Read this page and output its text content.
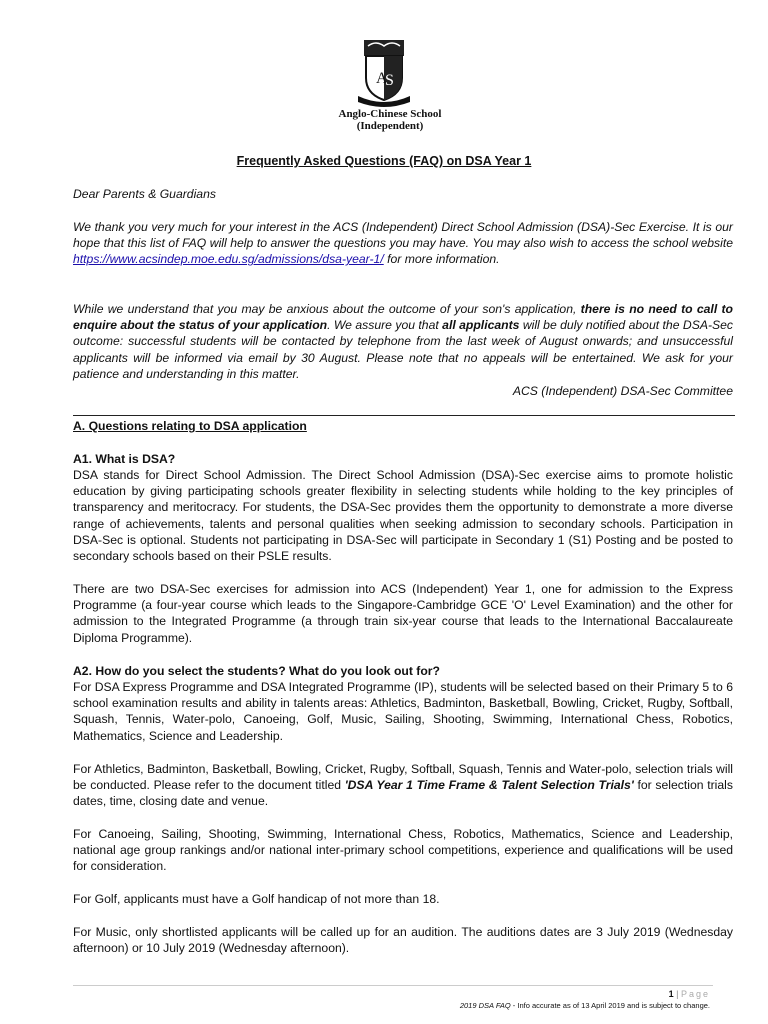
A
S
Anglo-Chinese School
(Independent)
Frequently Asked Questions (FAQ) on DSA Year 1
Dear Parents & Guardians
We thank you very much for your interest in the ACS (Independent) Direct School Admission (DSA)-Sec Exercise. It is our hope that this list of FAQ will help to answer the questions you may have. You may also wish to access the school website https://www.acsindep.moe.edu.sg/admissions/dsa-year-1/ for more information.
While we understand that you may be anxious about the outcome of your son's application, there is no need to call to enquire about the status of your application. We assure you that all applicants will be duly notified about the DSA-Sec outcome: successful students will be contacted by telephone from the last week of August onwards; and unsuccessful applicants will be informed via email by 30 August. Please note that no appeals will be entertained. We ask for your patience and understanding in this matter.
ACS (Independent) DSA-Sec Committee
A. Questions relating to DSA application
A1. What is DSA?
DSA stands for Direct School Admission. The Direct School Admission (DSA)-Sec exercise aims to promote holistic education by giving participating schools greater flexibility in selecting students while holding to the key principles of transparency and meritocracy. For students, the DSA-Sec provides them the opportunity to demonstrate a more diverse range of achievements, talents and personal qualities when seeking admission to secondary schools. Participation in DSA-Sec is optional. Students not participating in DSA-Sec will participate in Secondary 1 (S1) Posting and be posted to secondary schools based on their PSLE results.
There are two DSA-Sec exercises for admission into ACS (Independent) Year 1, one for admission to the Express Programme (a four-year course which leads to the Singapore-Cambridge GCE 'O' Level Examination) and the other for admission to the Integrated Programme (a through train six-year course that leads to the International Baccalaureate Diploma Programme).
A2. How do you select the students? What do you look out for?
For DSA Express Programme and DSA Integrated Programme (IP), students will be selected based on their Primary 5 to 6 school examination results and ability in talents areas: Athletics, Badminton, Basketball, Bowling, Cricket, Rugby, Softball, Squash, Tennis, Water-polo, Canoeing, Golf, Music, Sailing, Shooting, Swimming, International Chess, Robotics, Mathematics, Science and Leadership.
For Athletics, Badminton, Basketball, Bowling, Cricket, Rugby, Softball, Squash, Tennis and Water-polo, selection trials will be conducted. Please refer to the document titled 'DSA Year 1 Time Frame & Talent Selection Trials' for selection trials dates, time, closing date and venue.
For Canoeing, Sailing, Shooting, Swimming, International Chess, Robotics, Mathematics, Science and Leadership, national age group rankings and/or national inter-primary school competitions, experience and qualifications will be used for consideration.
For Golf, applicants must have a Golf handicap of not more than 18.
For Music, only shortlisted applicants will be called up for an audition. The auditions dates are 3 July 2019 (Wednesday afternoon) or 10 July 2019 (Wednesday afternoon).
1 | Page
2019 DSA FAQ - Info accurate as of 13 April 2019 and is subject to change.
